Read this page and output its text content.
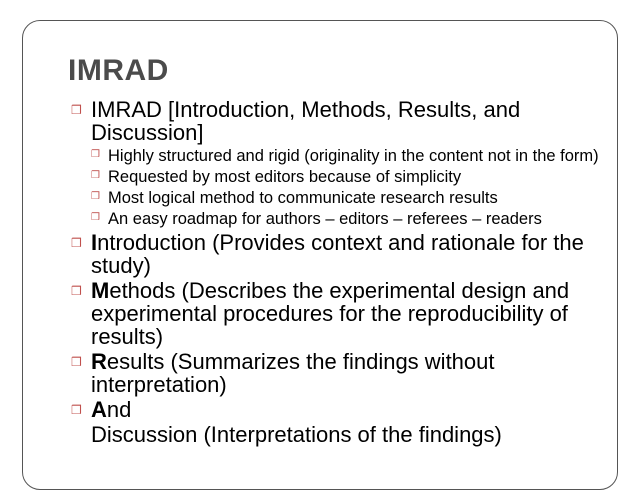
IMRAD
❒ IMRAD [Introduction, Methods, Results, and Discussion]
❒ Highly structured and rigid (originality in the content not in the form)
❒ Requested by most editors because of simplicity
❒ Most logical method to communicate research results
❒ An easy roadmap for authors – editors – referees – readers
❒ Introduction (Provides context and rationale for the study)
❒ Methods (Describes the experimental design and experimental procedures for the reproducibility of results)
❒ Results (Summarizes the findings without interpretation)
❒ And
Discussion (Interpretations of the findings)
